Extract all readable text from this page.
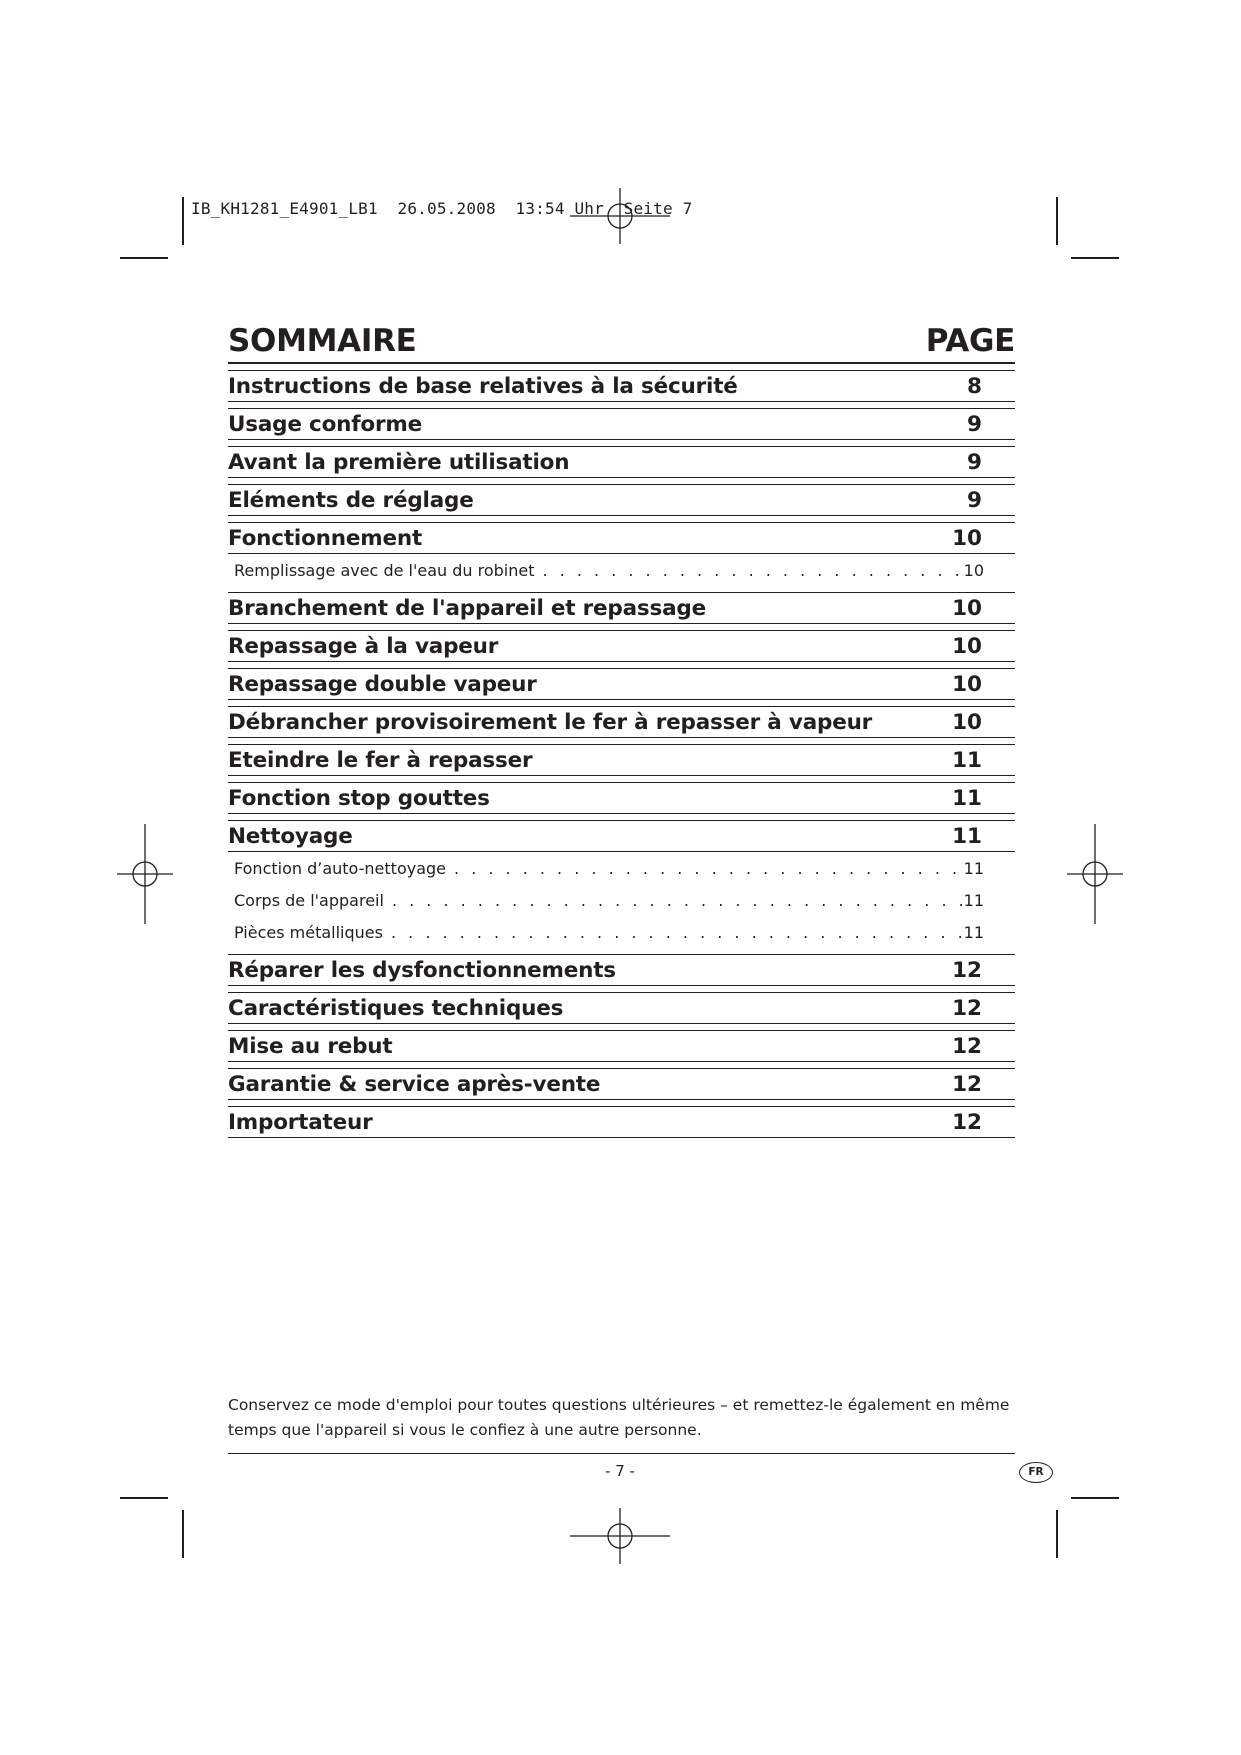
IB_KH1281_E4901_LB1  26.05.2008  13:54 Uhr  Seite 7
SOMMAIRE	PAGE
Instructions de base relatives à la sécurité	8
Usage conforme	9
Avant la première utilisation	9
Eléments de réglage	9
Fonctionnement	10
Remplissage avec de l'eau du robinet . . .	10
Branchement de l'appareil et repassage	10
Repassage à la vapeur	10
Repassage double vapeur	10
Débrancher provisoirement le fer à repasser à vapeur	10
Eteindre le fer à repasser	11
Fonction stop gouttes	11
Nettoyage	11
Fonction d’auto-nettoyage . . .	11
Corps de l'appareil . . .	11
Pièces métalliques . . .	11
Réparer les dysfonctionnements	12
Caractéristiques techniques	12
Mise au rebut	12
Garantie & service après-vente	12
Importateur	12
Conservez ce mode d'emploi pour toutes questions ultérieures – et remettez-le également en même temps que l'appareil si vous le confiez à une autre personne.
- 7 -	FR
